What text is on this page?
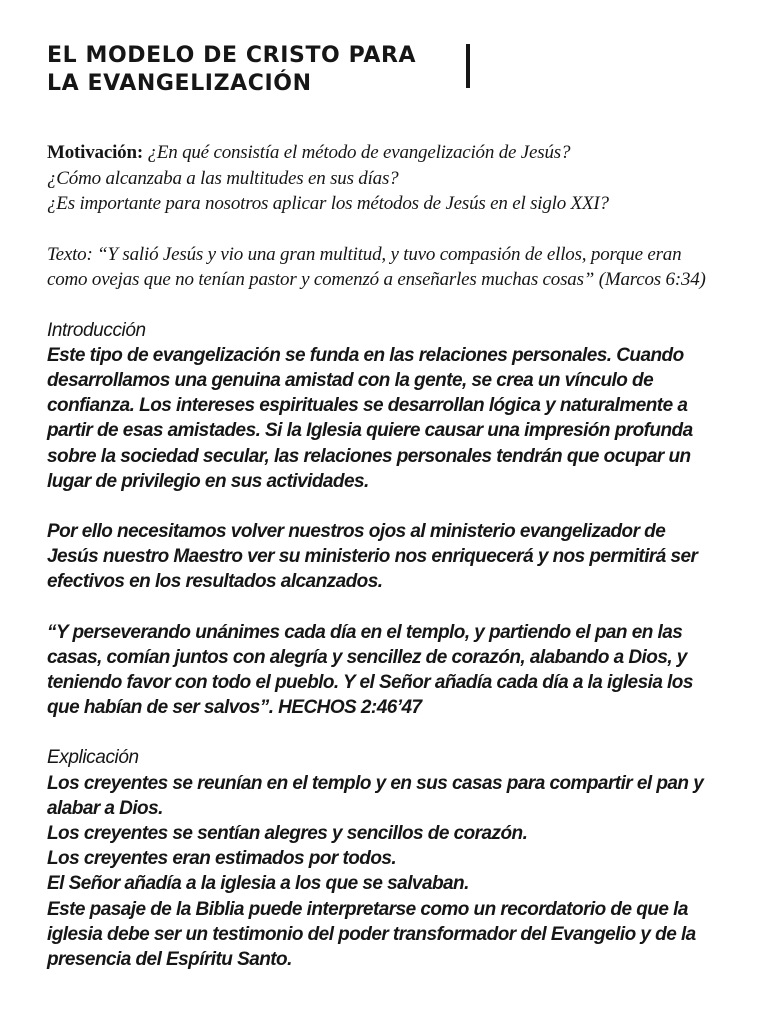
EL MODELO DE CRISTO PARA
LA EVANGELIZACIÓN

Motivación: ¿En qué consistía el método de evangelización de Jesús?
¿Cómo alcanzaba a las multitudes en sus días?
¿Es importante para nosotros aplicar los métodos de Jesús en el siglo XXI?

Texto: “Y salió Jesús y vio una gran multitud, y tuvo compasión de ellos, porque eran
como ovejas que no tenían pastor y comenzó a enseñarles muchas cosas” (Marcos 6:34)

Introducción

Este tipo de evangelización se funda en las relaciones personales. Cuando
desarrollamos una genuina amistad con la gente, se crea un vínculo de
confianza. Los intereses espirituales se desarrollan lógica y naturalmente a
partir de esas amistades. Si la Iglesia quiere causar una impresión profunda
sobre la sociedad secular, las relaciones personales tendrán que ocupar un
lugar de privilegio en sus actividades.

Por ello necesitamos volver nuestros ojos al ministerio evangelizador de
Jesús nuestro Maestro ver su ministerio nos enriquecerá y nos permitirá ser
efectivos en los resultados alcanzados.

“Y perseverando unánimes cada día en el templo, y partiendo el pan en las
casas, comían juntos con alegría y sencillez de corazón, alabando a Dios, y
teniendo favor con todo el pueblo. Y el Señor añadía cada día a la iglesia los
que habían de ser salvos”. HECHOS 2:46’47

Explicación

Los creyentes se reunían en el templo y en sus casas para compartir el pan y
alabar a Dios.
Los creyentes se sentían alegres y sencillos de corazón.
Los creyentes eran estimados por todos.
El Señor añadía a la iglesia a los que se salvaban.
Este pasaje de la Biblia puede interpretarse como un recordatorio de que la
iglesia debe ser un testimonio del poder transformador del Evangelio y de la
presencia del Espíritu Santo.
